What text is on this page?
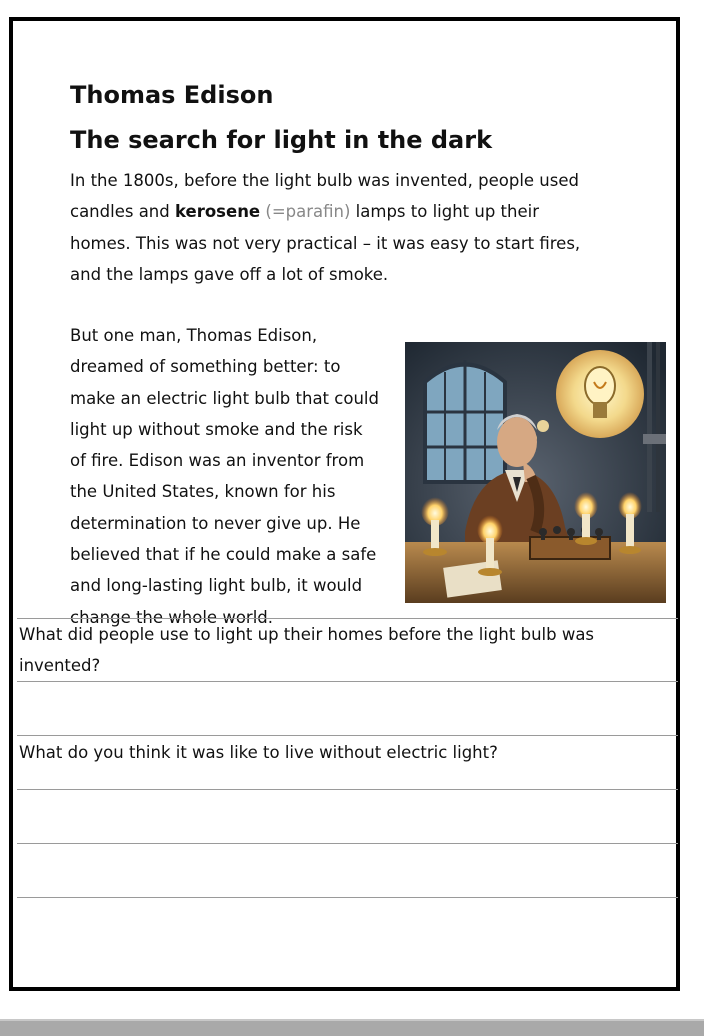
Thomas Edison
The search for light in the dark
In the 1800s, before the light bulb was invented, people used
candles and kerosene (=parafin) lamps to light up their
homes. This was not very practical – it was easy to start fires,
and the lamps gave off a lot of smoke.
But one man, Thomas Edison,
dreamed of something better: to
make an electric light bulb that could
light up without smoke and the risk
of fire. Edison was an inventor from
the United States, known for his
determination to never give up. He
believed that if he could make a safe
and long-lasting light bulb, it would
change the whole world.
What did people use to light up their homes before the light bulb was
invented?
What do you think it was like to live without electric light?
